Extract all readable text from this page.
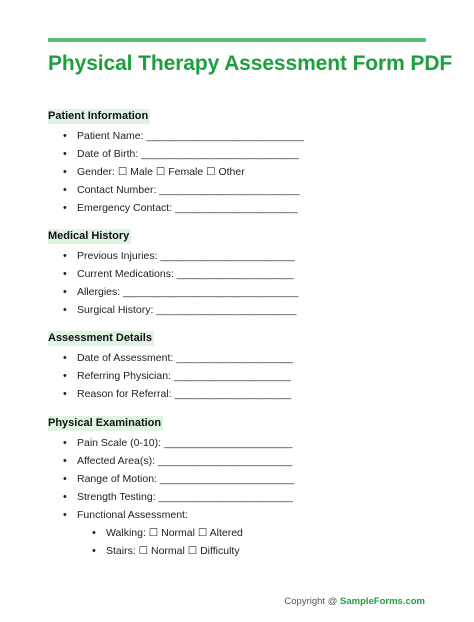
Physical Therapy Assessment Form PDF
Patient Information
• Patient Name: ___________________________
• Date of Birth: ___________________________
• Gender: ☐ Male ☐ Female ☐ Other
• Contact Number: ________________________
• Emergency Contact: _____________________
Medical History
• Previous Injuries: _______________________
• Current Medications: ____________________
• Allergies: ______________________________
• Surgical History: ________________________
Assessment Details
• Date of Assessment: ____________________
• Referring Physician: ____________________
• Reason for Referral: ____________________
Physical Examination
• Pain Scale (0-10): ______________________
• Affected Area(s): _______________________
• Range of Motion: _______________________
• Strength Testing: _______________________
• Functional Assessment:
• Walking: ☐ Normal ☐ Altered
• Stairs: ☐ Normal ☐ Difficulty
Copyright @ SampleForms.com
